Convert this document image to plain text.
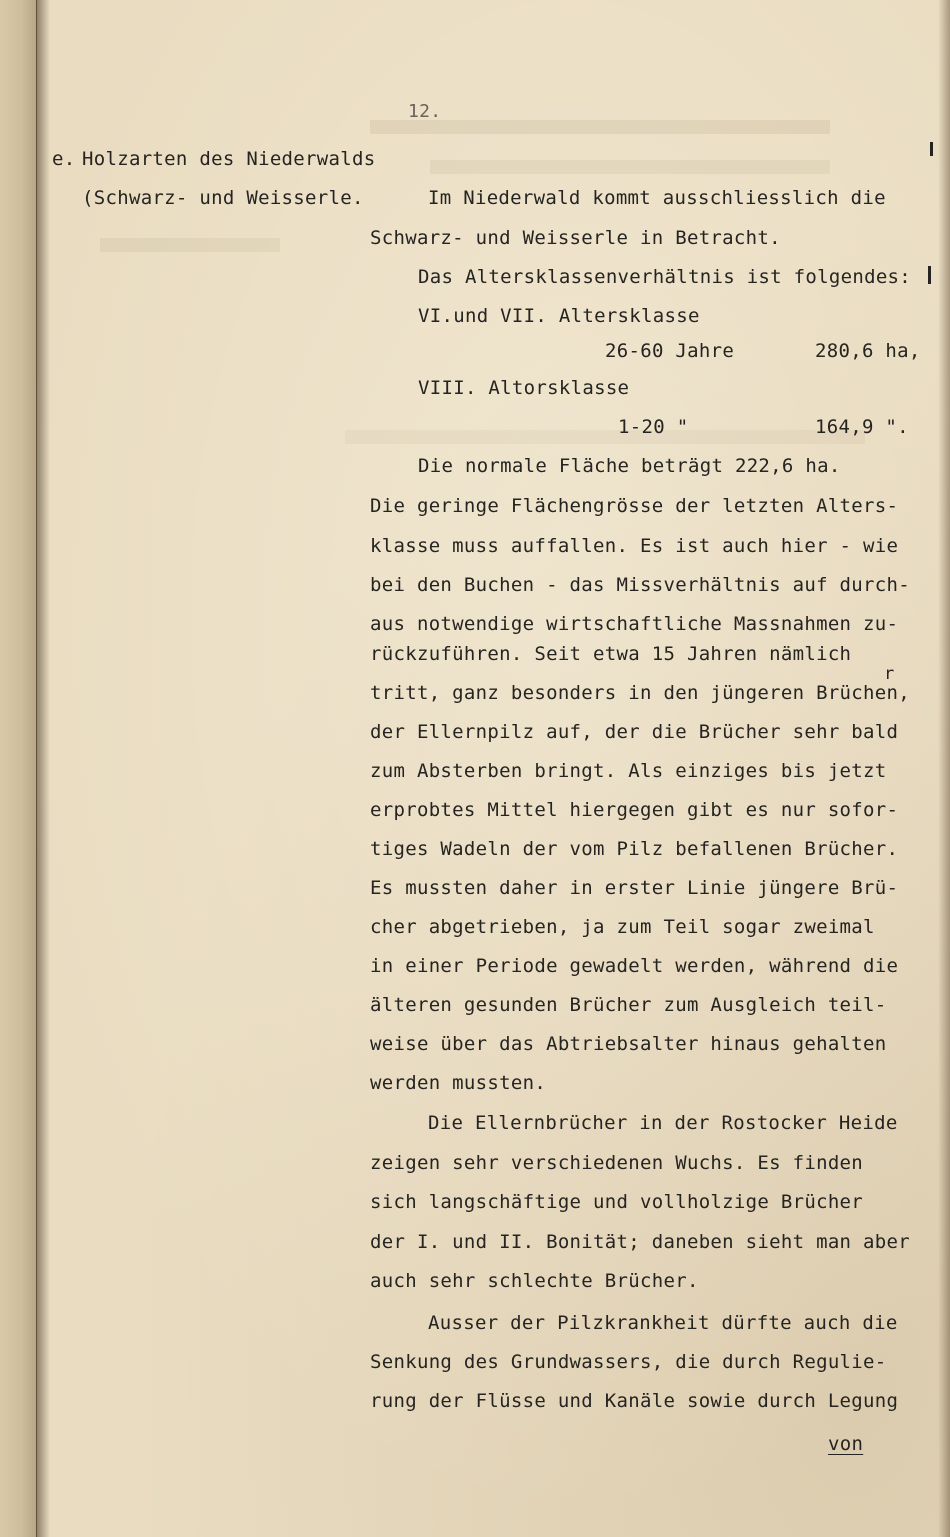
12.
e. Holzarten des Niederwalds
(Schwarz- und Weisserle.	Im Niederwald kommt ausschliesslich die
Schwarz- und Weisserle in Betracht.
Das Altersklassenverhältnis ist folgendes:
VI.und VII. Altersklasse
26-60 Jahre	280,6 ha,
VIII. Altorsklasse
1-20 "	164,9 ".
Die normale Fläche beträgt 222,6 ha.
Die geringe Flächengrösse der letzten Alters-
klasse muss auffallen. Es ist auch hier - wie
bei den Buchen - das Missverhältnis auf durch-
aus notwendige wirtschaftliche Massnahmen zu-
rückzuführen. Seit etwa 15 Jahren nämlich
r
tritt, ganz besonders in den jüngeren Brüchen,
der Ellernpilz auf, der die Brücher sehr bald
zum Absterben bringt. Als einziges bis jetzt
erprobtes Mittel hiergegen gibt es nur sofor-
tiges Wadeln der vom Pilz befallenen Brücher.
Es mussten daher in erster Linie jüngere Brü-
cher abgetrieben, ja zum Teil sogar zweimal
in einer Periode gewadelt werden, während die
älteren gesunden Brücher zum Ausgleich teil-
weise über das Abtriebsalter hinaus gehalten
werden mussten.
Die Ellernbrücher in der Rostocker Heide
zeigen sehr verschiedenen Wuchs. Es finden
sich langschäftige und vollholzige Brücher
der I. und II. Bonität; daneben sieht man aber
auch sehr schlechte Brücher.
Ausser der Pilzkrankheit dürfte auch die
Senkung des Grundwassers, die durch Regulie-
rung der Flüsse und Kanäle sowie durch Legung
von
